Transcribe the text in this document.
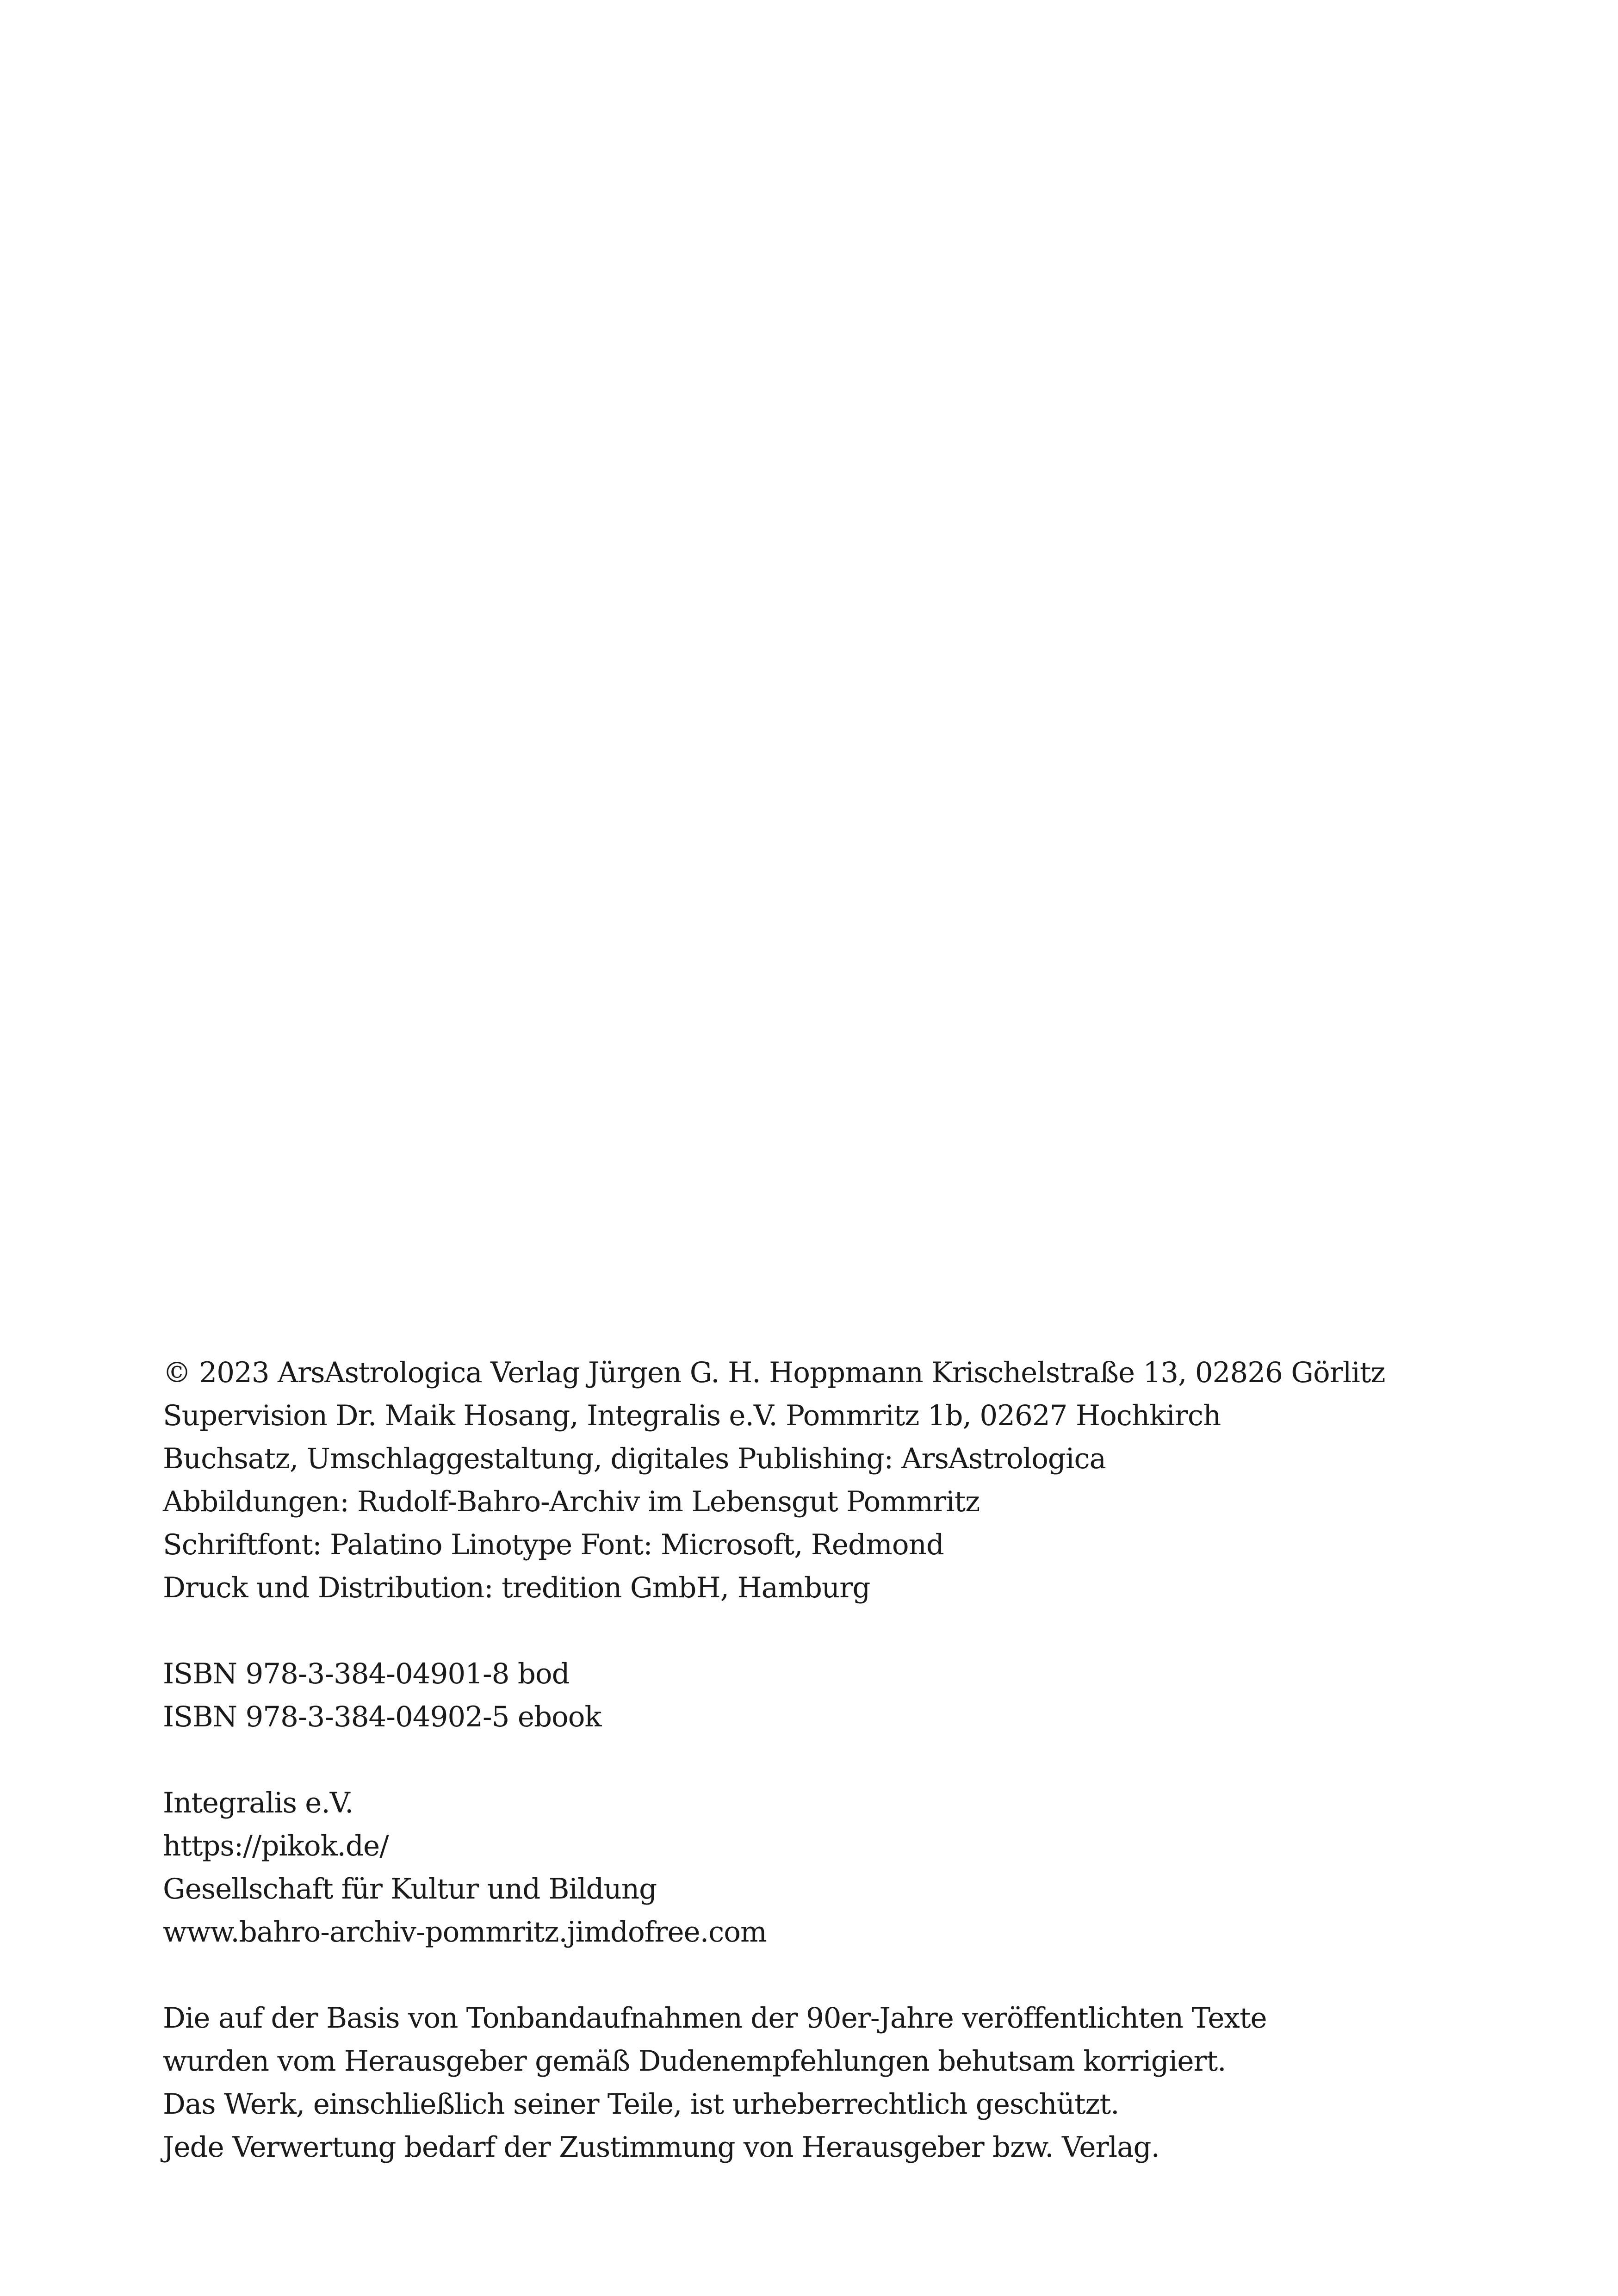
© 2023 ArsAstrologica Verlag Jürgen G. H. Hoppmann Krischelstraße 13, 02826 Görlitz
Supervision Dr. Maik Hosang, Integralis e.V. Pommritz 1b, 02627 Hochkirch
Buchsatz, Umschlaggestaltung, digitales Publishing: ArsAstrologica
Abbildungen: Rudolf-Bahro-Archiv im Lebensgut Pommritz
Schriftfont: Palatino Linotype Font: Microsoft, Redmond
Druck und Distribution: tredition GmbH, Hamburg
ISBN 978-3-384-04901-8 bod
ISBN 978-3-384-04902-5 ebook
Integralis e.V.
https://pikok.de/
Gesellschaft für Kultur und Bildung
www.bahro-archiv-pommritz.jimdofree.com
Die auf der Basis von Tonbandaufnahmen der 90er-Jahre veröffentlichten Texte
wurden vom Herausgeber gemäß Dudenempfehlungen behutsam korrigiert.
Das Werk, einschließlich seiner Teile, ist urheberrechtlich geschützt.
Jede Verwertung bedarf der Zustimmung von Herausgeber bzw. Verlag.
